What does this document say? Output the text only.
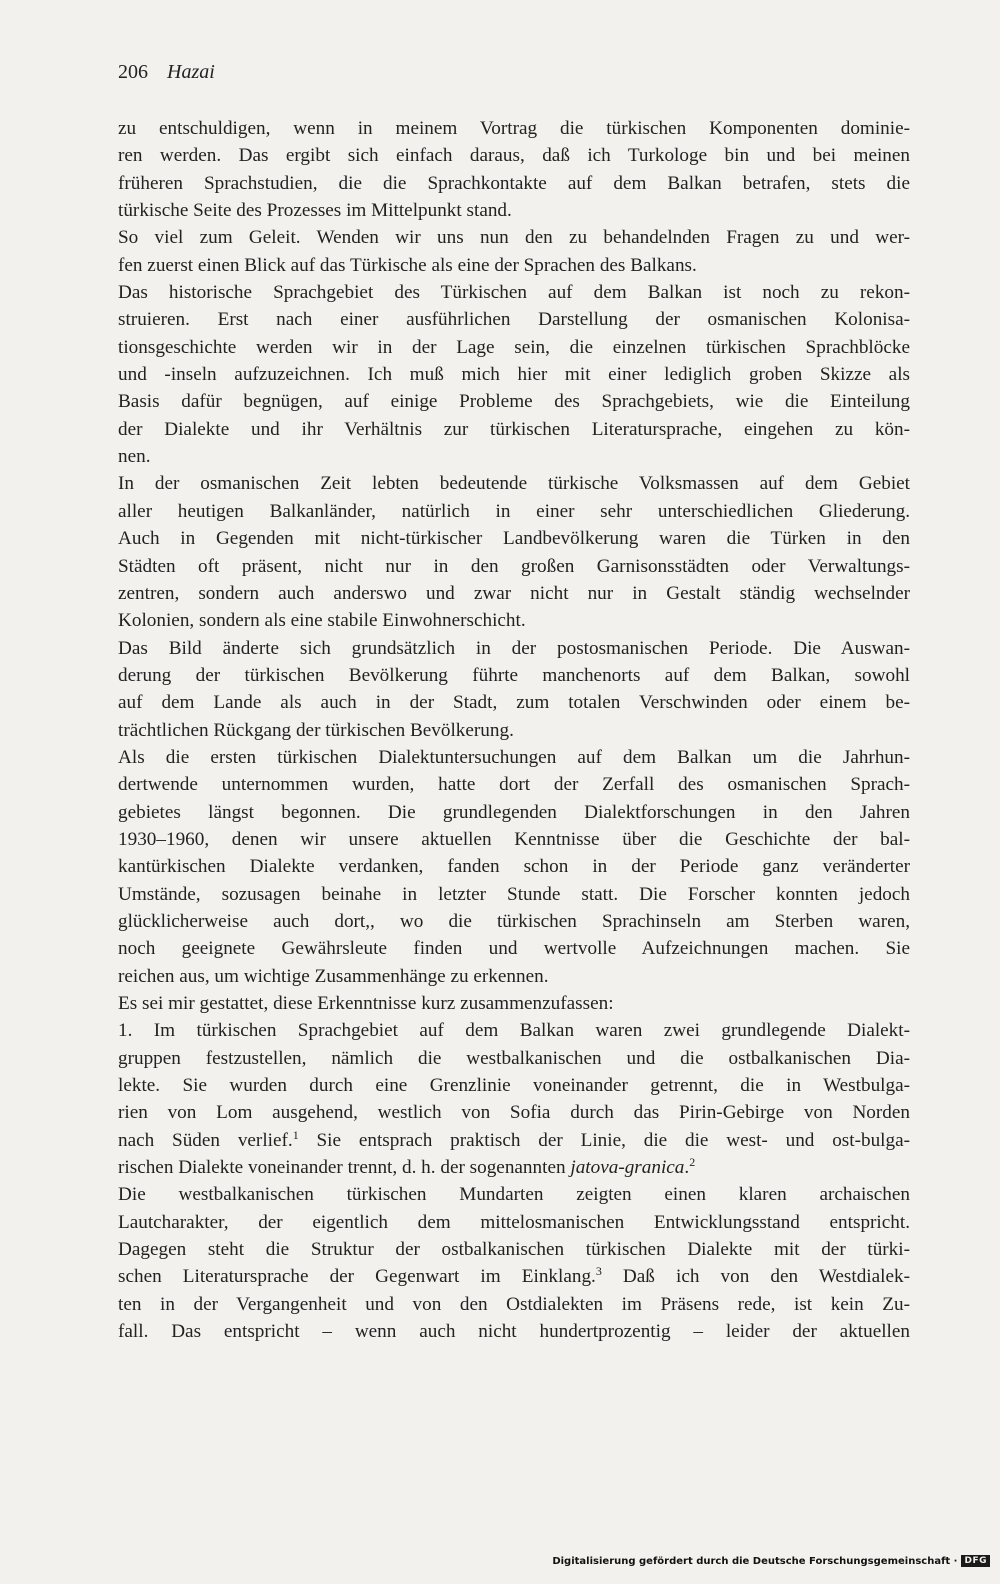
206 Hazai
zu entschuldigen, wenn in meinem Vortrag die türkischen Komponenten dominie-
ren werden. Das ergibt sich einfach daraus, daß ich Turkologe bin und bei meinen
früheren Sprachstudien, die die Sprachkontakte auf dem Balkan betrafen, stets die
türkische Seite des Prozesses im Mittelpunkt stand.
So viel zum Geleit. Wenden wir uns nun den zu behandelnden Fragen zu und wer-
fen zuerst einen Blick auf das Türkische als eine der Sprachen des Balkans.
Das historische Sprachgebiet des Türkischen auf dem Balkan ist noch zu rekon-
struieren. Erst nach einer ausführlichen Darstellung der osmanischen Kolonisa-
tionsgeschichte werden wir in der Lage sein, die einzelnen türkischen Sprachblöcke
und -inseln aufzuzeichnen. Ich muß mich hier mit einer lediglich groben Skizze als
Basis dafür begnügen, auf einige Probleme des Sprachgebiets, wie die Einteilung
der Dialekte und ihr Verhältnis zur türkischen Literatursprache, eingehen zu kön-
nen.
In der osmanischen Zeit lebten bedeutende türkische Volksmassen auf dem Gebiet
aller heutigen Balkanländer, natürlich in einer sehr unterschiedlichen Gliederung.
Auch in Gegenden mit nicht-türkischer Landbevölkerung waren die Türken in den
Städten oft präsent, nicht nur in den großen Garnisonsstädten oder Verwaltungs-
zentren, sondern auch anderswo und zwar nicht nur in Gestalt ständig wechselnder
Kolonien, sondern als eine stabile Einwohnerschicht.
Das Bild änderte sich grundsätzlich in der postosmanischen Periode. Die Auswan-
derung der türkischen Bevölkerung führte manchenorts auf dem Balkan, sowohl
auf dem Lande als auch in der Stadt, zum totalen Verschwinden oder einem be-
trächtlichen Rückgang der türkischen Bevölkerung.
Als die ersten türkischen Dialektuntersuchungen auf dem Balkan um die Jahrhun-
dertwende unternommen wurden, hatte dort der Zerfall des osmanischen Sprach-
gebietes längst begonnen. Die grundlegenden Dialektforschungen in den Jahren
1930–1960, denen wir unsere aktuellen Kenntnisse über die Geschichte der bal-
kantürkischen Dialekte verdanken, fanden schon in der Periode ganz veränderter
Umstände, sozusagen beinahe in letzter Stunde statt. Die Forscher konnten jedoch
glücklicherweise auch dort,, wo die türkischen Sprachinseln am Sterben waren,
noch geeignete Gewährsleute finden und wertvolle Aufzeichnungen machen. Sie
reichen aus, um wichtige Zusammenhänge zu erkennen.
Es sei mir gestattet, diese Erkenntnisse kurz zusammenzufassen:
1. Im türkischen Sprachgebiet auf dem Balkan waren zwei grundlegende Dialekt-
gruppen festzustellen, nämlich die westbalkanischen und die ostbalkanischen Dia-
lekte. Sie wurden durch eine Grenzlinie voneinander getrennt, die in Westbulga-
rien von Lom ausgehend, westlich von Sofia durch das Pirin-Gebirge von Norden
nach Süden verlief.$^1$ Sie entsprach praktisch der Linie, die die west- und ost-bulga-
rischen Dialekte voneinander trennt, d. h. der sogenannten jatova-granica.$^2$
Die westbalkanischen türkischen Mundarten zeigten einen klaren archaischen
Lautcharakter, der eigentlich dem mittelosmanischen Entwicklungsstand entspricht.
Dagegen steht die Struktur der ostbalkanischen türkischen Dialekte mit der türki-
schen Literatursprache der Gegenwart im Einklang.$^3$ Daß ich von den Westdialek-
ten in der Vergangenheit und von den Ostdialekten im Präsens rede, ist kein Zu-
fall. Das entspricht – wenn auch nicht hundertprozentig – leider der aktuellen
Digitalisierung gefördert durch die Deutsche Forschungsgemeinschaft · DFG
